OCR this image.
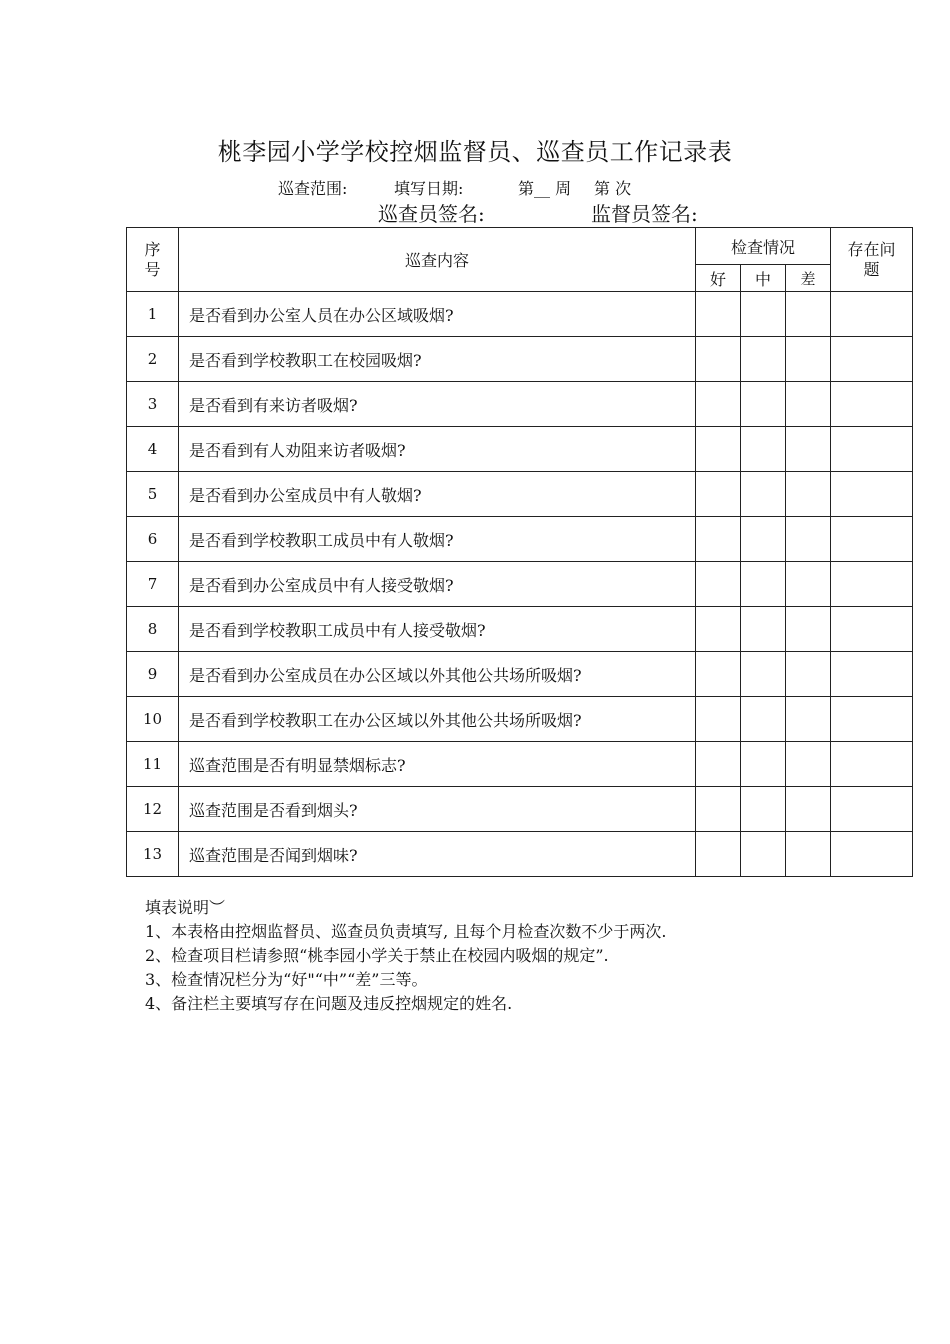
桃李园小学学校控烟监督员、巡查员工作记录表
巡查范围:	填写日期:	第__ 周 第 次
巡查员签名:	监督员签名:
序
号	巡查内容	检查情况			存在问
题
		好	中	差	
1	是否看到办公室人员在办公区域吸烟?				
2	是否看到学校教职工在校园吸烟?				
3	是否看到有来访者吸烟?				
4	是否看到有人劝阻来访者吸烟?				
5	是否看到办公室成员中有人敬烟?				
6	是否看到学校教职工成员中有人敬烟?				
7	是否看到办公室成员中有人接受敬烟?				
8	是否看到学校教职工成员中有人接受敬烟?				
9	是否看到办公室成员在办公区域以外其他公共场所吸烟?				
10	是否看到学校教职工在办公区域以外其他公共场所吸烟?				
11	巡查范围是否有明显禁烟标志?				
12	巡查范围是否看到烟头?				
13	巡查范围是否闻到烟味?				
填表说明︶
1、本表格由控烟监督员、巡查员负责填写, 且每个月检查次数不少于两次.
2、检查项目栏请参照“桃李园小学关于禁止在校园内吸烟的规定”.
3、检查情况栏分为“好"“中”“差”三等。
4、备注栏主要填写存在问题及违反控烟规定的姓名.
